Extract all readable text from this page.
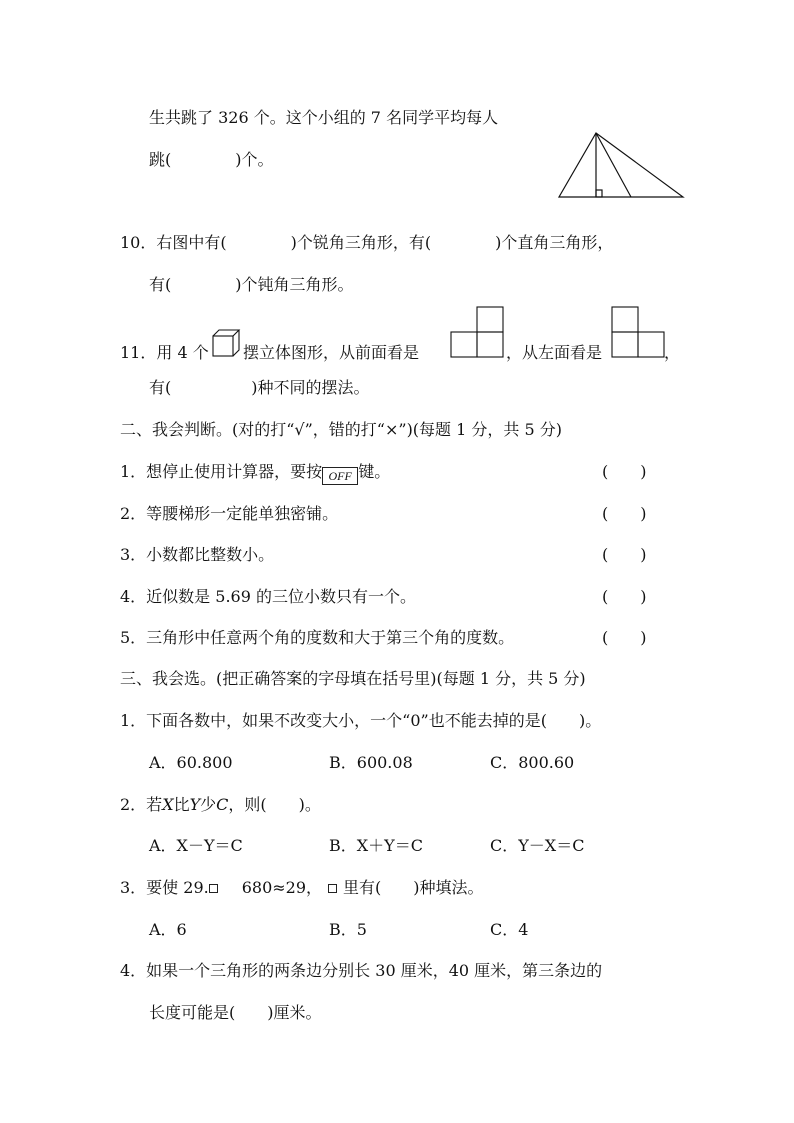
生共跳了 326 个。这个小组的 7 名同学平均每人
跳(　　　　)个。
10．右图中有(　　　　)个锐角三角形，有(　　　　)个直角三角形，
有(　　　　)个钝角三角形。
11．用 4 个 摆立体图形，从前面看是	，从左面看是	，
有(　　　　　)种不同的摆法。
二、我会判断。(对的打“√”，错的打“×”)(每题 1 分，共 5 分)
1．想停止使用计算器，要按 OFF 键。	(　　)
2．等腰梯形一定能单独密铺。	(　　)
3．小数都比整数小。	(　　)
4．近似数是 5.69 的三位小数只有一个。	(　　)
5．三角形中任意两个角的度数和大于第三个角的度数。	(　　)
三、我会选。(把正确答案的字母填在括号里)(每题 1 分，共 5 分)
1．下面各数中，如果不改变大小，一个“0”也不能去掉的是(　　)。
A．60.800	B．600.08	C．800.60
2．若X比Y少C，则(　　)。
A．X－Y＝C	B．X＋Y＝C	C．Y－X＝C
3．要使 29. 680≈29， 里有(　　)种填法。
A．6	B．5	C．4
4．如果一个三角形的两条边分别长 30 厘米，40 厘米，第三条边的
长度可能是(　　)厘米。
